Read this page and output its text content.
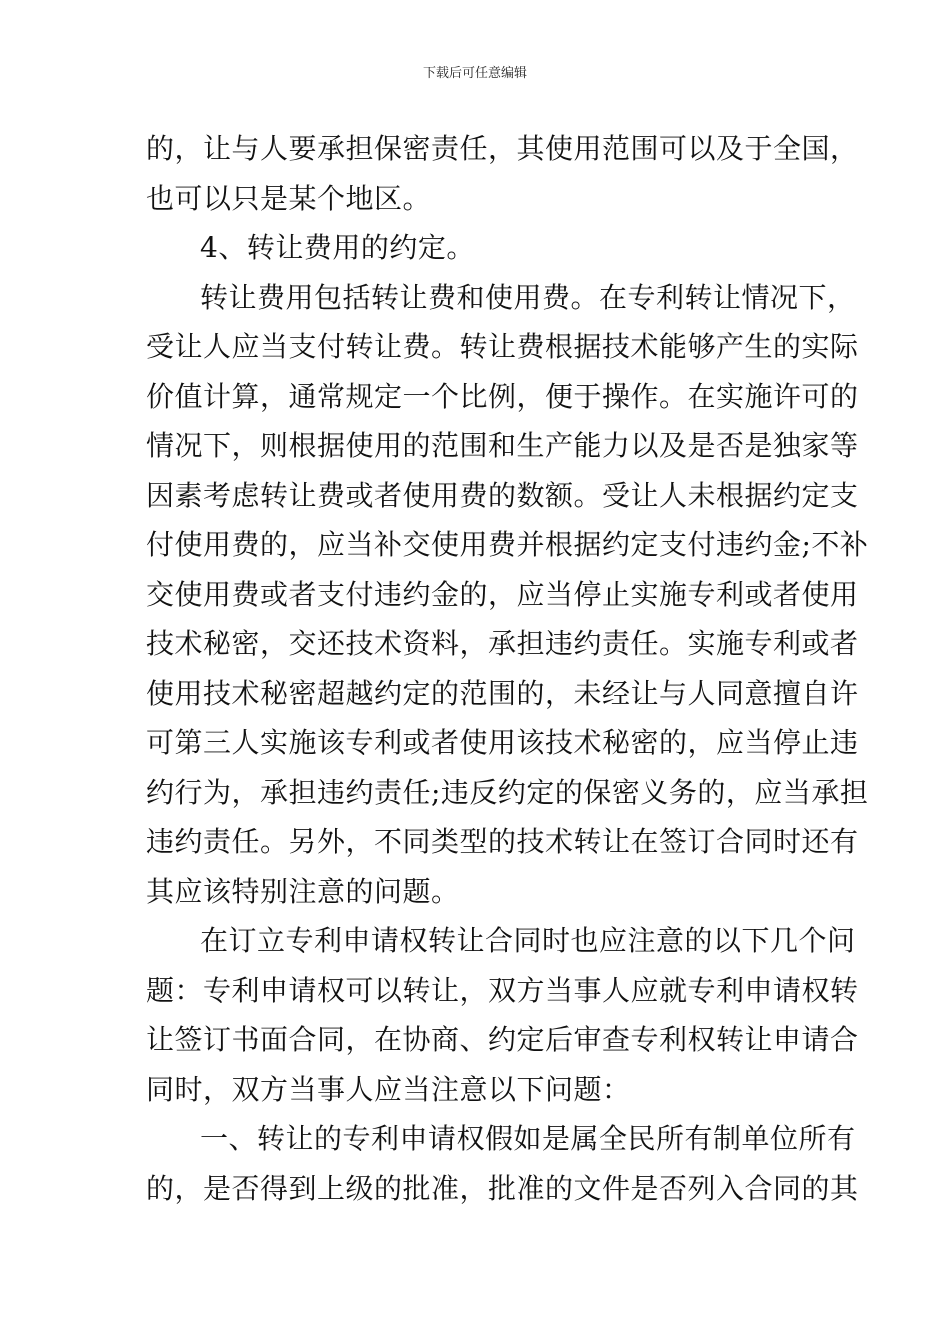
下载后可任意编辑
的，让与人要承担保密责任，其使用范围可以及于全国，
也可以只是某个地区。
4、转让费用的约定。
转让费用包括转让费和使用费。在专利转让情况下，
受让人应当支付转让费。转让费根据技术能够产生的实际
价值计算，通常规定一个比例，便于操作。在实施许可的
情况下，则根据使用的范围和生产能力以及是否是独家等
因素考虑转让费或者使用费的数额。受让人未根据约定支
付使用费的，应当补交使用费并根据约定支付违约金;不补
交使用费或者支付违约金的，应当停止实施专利或者使用
技术秘密，交还技术资料，承担违约责任。实施专利或者
使用技术秘密超越约定的范围的，未经让与人同意擅自许
可第三人实施该专利或者使用该技术秘密的，应当停止违
约行为，承担违约责任;违反约定的保密义务的，应当承担
违约责任。另外，不同类型的技术转让在签订合同时还有
其应该特别注意的问题。
在订立专利申请权转让合同时也应注意的以下几个问
题：专利申请权可以转让，双方当事人应就专利申请权转
让签订书面合同，在协商、约定后审查专利权转让申请合
同时，双方当事人应当注意以下问题：
一、转让的专利申请权假如是属全民所有制单位所有
的，是否得到上级的批准，批准的文件是否列入合同的其
